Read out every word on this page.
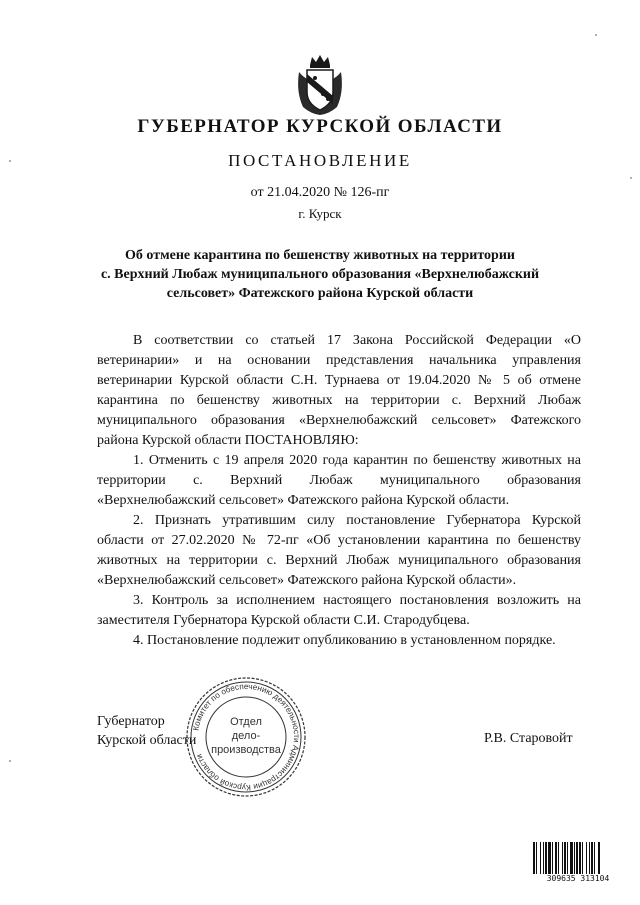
ГУБЕРНАТОР КУРСКОЙ ОБЛАСТИ
ПОСТАНОВЛЕНИЕ
от 21.04.2020 № 126-пг
г. Курск
Об отмене карантина по бешенству животных на территории
с. Верхний Любаж муниципального образования «Верхнелюбажский
сельсовет» Фатежского района Курской области

В соответствии со статьей 17 Закона Российской Федерации «О ветеринарии» и на основании представления начальника управления ветеринарии Курской области С.Н. Турнаева от 19.04.2020 № 5 об отмене карантина по бешенству животных на территории с. Верхний Любаж муниципального образования «Верхнелюбажский сельсовет» Фатежского района Курской области ПОСТАНОВЛЯЮ:

1. Отменить с 19 апреля 2020 года карантин по бешенству животных на территории с. Верхний Любаж муниципального образования «Верхнелюбажский сельсовет» Фатежского района Курской области.

2. Признать утратившим силу постановление Губернатора Курской области от 27.02.2020 № 72-пг «Об установлении карантина по бешенству животных на территории с. Верхний Любаж муниципального образования «Верхнелюбажский сельсовет» Фатежского района Курской области».

3. Контроль за исполнением настоящего постановления возложить на заместителя Губернатора Курской области С.И. Стародубцева.

4. Постановление подлежит опубликованию в установленном порядке.

Губернатор
Курской области
Комитет по обеспечению деятельности Администрации Курской области
Отдел
дело-
производства
Р.В. Старовойт
309635 313104
